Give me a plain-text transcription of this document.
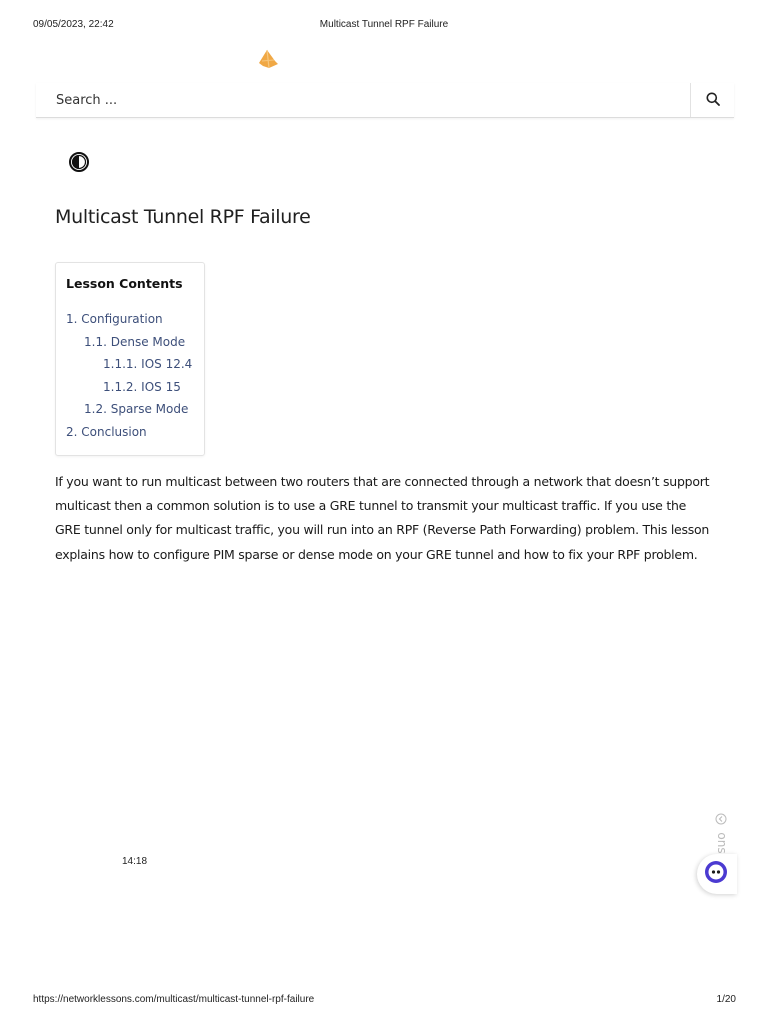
09/05/2023, 22:42	Multicast Tunnel RPF Failure
Search ...
Multicast Tunnel RPF Failure
Lesson Contents
1. Configuration
1.1. Dense Mode
1.1.1. IOS 12.4
1.1.2. IOS 15
1.2. Sparse Mode
2. Conclusion

If you want to run multicast between two routers that are connected through a network that doesn’t support multicast then a common solution is to use a GRE tunnel to transmit your multicast traffic. If you use the GRE tunnel only for multicast traffic, you will run into an RPF (Reverse Path Forwarding) problem. This lesson explains how to configure PIM sparse or dense mode on your GRE tunnel and how to fix your RPF problem.

14:18
ons
https://networklessons.com/multicast/multicast-tunnel-rpf-failure	1/20
